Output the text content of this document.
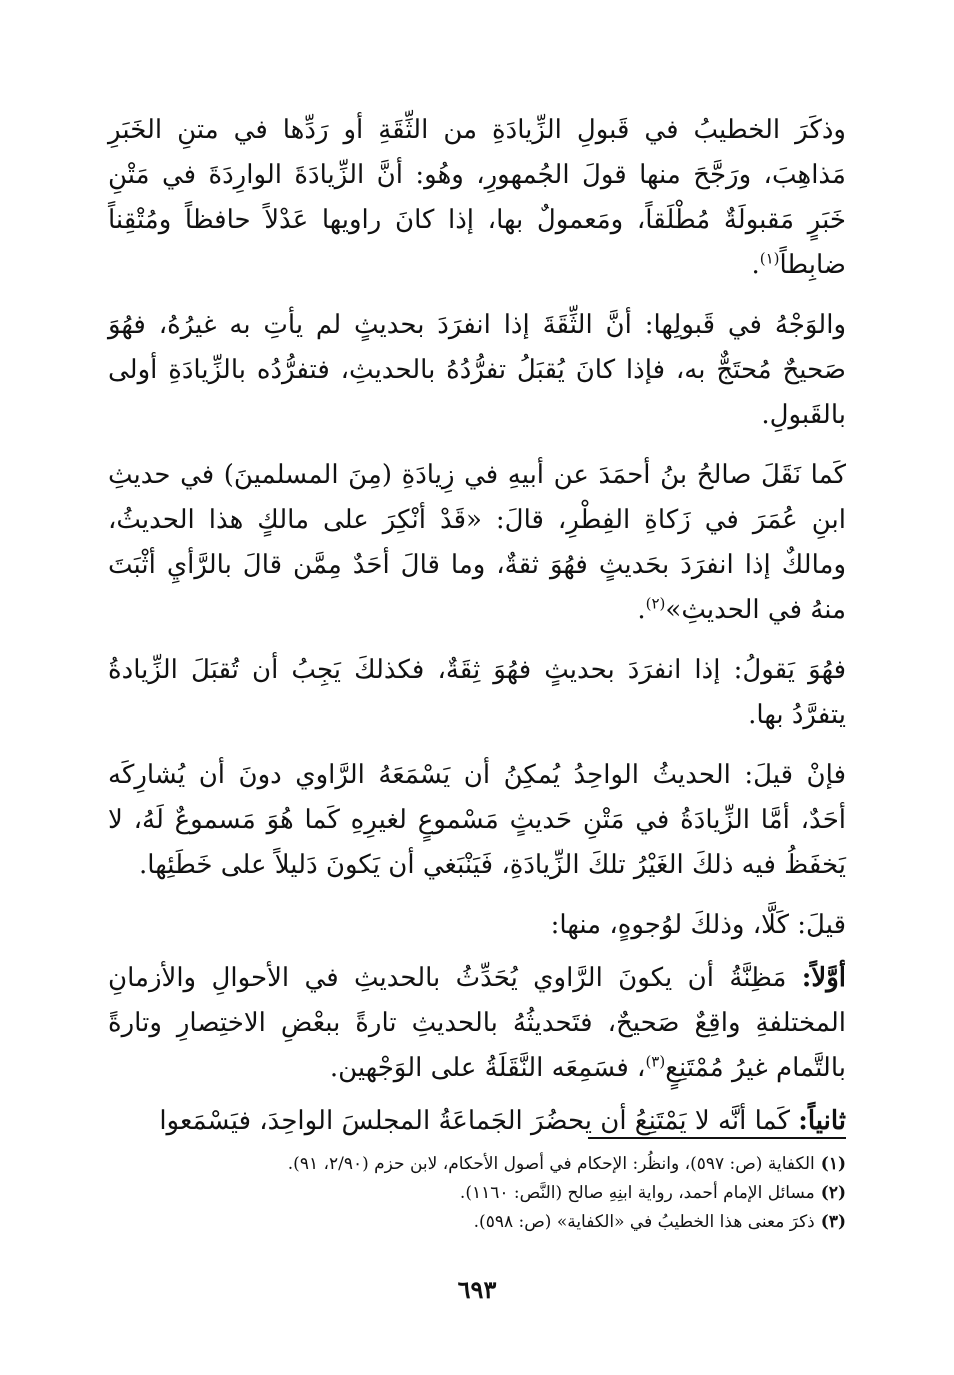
وذكَرَ الخطيبُ في قَبولِ الزِّيادَةِ من الثِّقَةِ أو رَدِّها في متنِ الخَبَرِ مَذاهِبَ، ورَجَّحَ منها قولَ الجُمهورِ، وهُو: أنَّ الزِّيادَةَ الوارِدَةَ في مَتْنِ خَبَرٍ مَقبولَةٌ مُطْلَقاً، ومَعمولٌ بها، إذا كانَ راويها عَدْلاً حافظاً ومُتْقِناً ضابِطاً$^{(١)}$.

والوَجْهُ في قَبولِها: أنَّ الثِّقَةَ إذا انفرَدَ بحديثٍ لم يأتِ به غيرُهُ، فهُوَ صَحيحٌ مُحتَجٌّ به، فإذا كانَ يُقبَلُ تفرُّدُهُ بالحديثِ، فتفرُّدُه بالزِّيادَةِ أولى بالقَبولِ.

كَما نَقَلَ صالحُ بنُ أحمَدَ عن أبيهِ في زِيادَةِ (مِنَ المسلمينَ) في حديثِ ابنِ عُمَرَ في زَكاةِ الفِطْرِ، قالَ: «قَدْ أنْكِرَ على مالكٍ هذا الحديثُ، ومالكٌ إذا انفرَدَ بحَديثٍ فهُوَ ثقةٌ، وما قالَ أحَدٌ مِمَّن قالَ بالرَّأيِ أثْبَتَ منهُ في الحديثِ»$^{(٢)}$.

فهُوَ يَقولُ: إذا انفرَدَ بحديثٍ فهُوَ ثِقَةٌ، فكذلكَ يَجِبُ أن تُقبَلَ الزِّيادةُ يتفرَّدُ بها.

فإنْ قيلَ: الحديثُ الواحِدُ يُمكِنُ أن يَسْمَعَهُ الرَّاوي دونَ أن يُشارِكَه أحَدٌ، أمَّا الزِّيادَةُ في مَتْنِ حَديثٍ مَسْموعٍ لغيرِهِ كَما هُوَ مَسموعٌ لَهُ، لا يَخفَظُ فيه ذلكَ الغَيْرُ تلكَ الزِّيادَةِ، فَيَنْبَغي أن يَكونَ دَليلاً على خَطَئِها.

قيلَ: كَلَّا، وذلكَ لوُجوهٍ، منها:

أوَّلاً: مَظِنَّةُ أن يكونَ الرَّاوي يُحَدِّثُ بالحديثِ في الأحوالِ والأزمانِ المختلفةِ واقِعٌ صَحيحٌ، فتَحديثُهُ بالحديثِ تارةً ببعْضِ الاختِصارِ وتارةً بالتَّمام غيرُ مُمْتَنِعٍ$^{(٣)}$، فسَمِعَه النَّقَلَةُ على الوَجْهين.

ثانياً: كَما أنَّه لا يَمْتَنِعُ أن يحضُرَ الجَماعَةُ المجلسَ الواحِدَ، فيَسْمَعوا

(١)الكفاية (ص: ٥٩٧)، وانظُر: الإحكام في أصول الأحكام، لابن حزم (٢/٩٠، ٩١).
(٢)مسائل الإمام أحمد، رواية ابنِهِ صالح (النَّص: ١١٦٠).
(٣)ذكرَ معنى هذا الخطيبُ في «الكفاية» (ص: ٥٩٨).
٦٩٣
